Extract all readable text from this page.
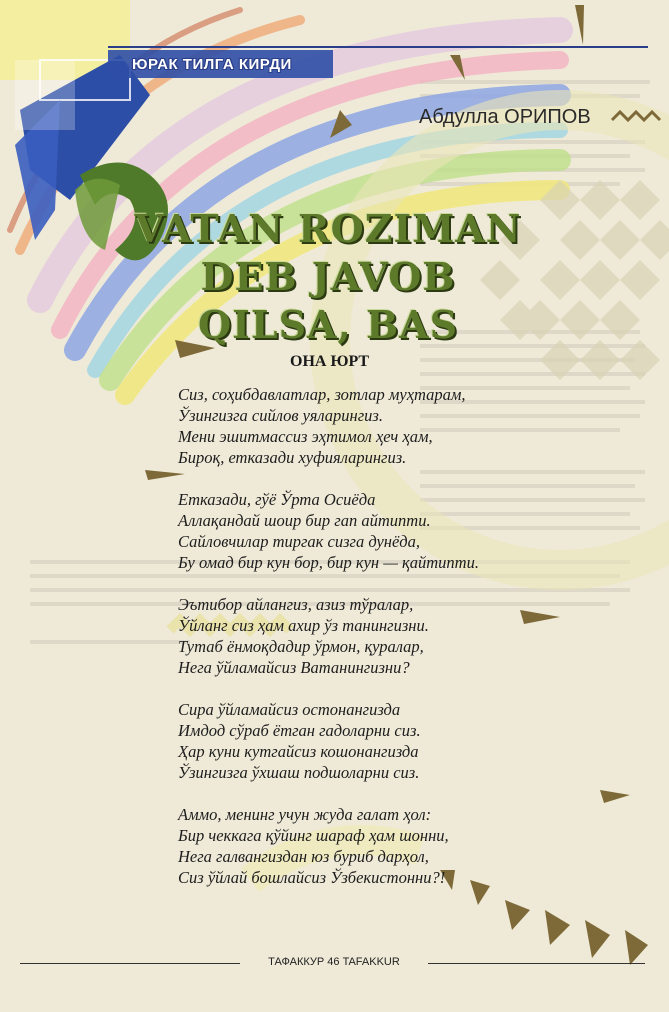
ЮРАК ТИЛГА КИРДИ
Абдулла ОРИПОВ
VATAN ROZIMAN
DEB JAVOB QILSA, BAS
ОНА ЮРТ
Сиз, соҳибдавлатлар, зотлар муҳтарам,
Ўзингизга сийлов уяларингиз.
Мени эшитмассиз эҳтимол ҳеч ҳам,
Бироқ, етказади хуфияларингиз.
Етказади, гўё Ўрта Осиёда
Аллақандай шоир бир гап айтипти.
Сайловчилар тиргак сизга дунёда,
Бу омад бир кун бор, бир кун — қайтипти.
Эътибор айлангиз, азиз тўралар,
Ўйланг сиз ҳам ахир ўз танингизни.
Тутаб ёнмоқдадир ўрмон, қуралар,
Нега ўйламайсиз Ватанингизни?
Сира ўйламайсиз остонангизда
Имдод сўраб ётган гадоларни сиз.
Ҳар куни кутгайсиз кошонангизда
Ўзингизга ўхшаш подшоларни сиз.
Аммо, менинг учун жуда галат ҳол:
Бир чеккага қўйинг шараф ҳам шонни,
Нега галвангиздан юз буриб дарҳол,
Сиз ўйлай бошлайсиз Ўзбекистонни?!
ТАФАККУР 46 TAFAKKUR
